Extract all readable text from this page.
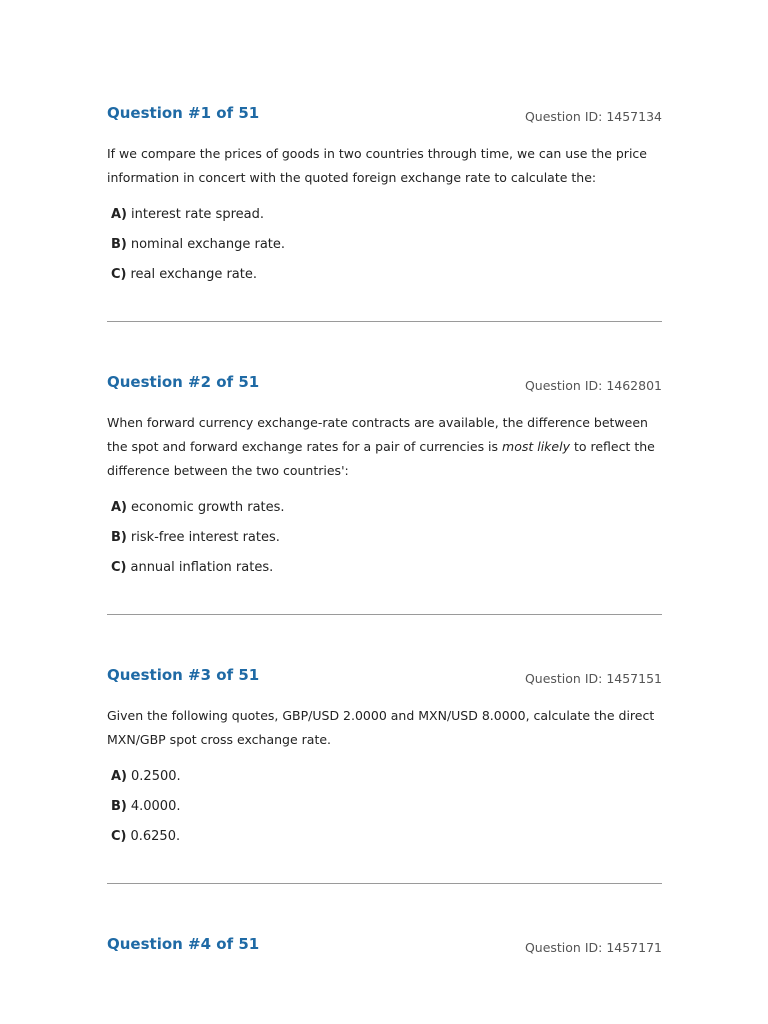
Question #1 of 51	Question ID: 1457134
If we compare the prices of goods in two countries through time, we can use the price information in concert with the quoted foreign exchange rate to calculate the:
A) interest rate spread.
B) nominal exchange rate.
C) real exchange rate.
Question #2 of 51	Question ID: 1462801
When forward currency exchange-rate contracts are available, the difference between the spot and forward exchange rates for a pair of currencies is most likely to reflect the difference between the two countries':
A) economic growth rates.
B) risk-free interest rates.
C) annual inflation rates.
Question #3 of 51	Question ID: 1457151
Given the following quotes, GBP/USD 2.0000 and MXN/USD 8.0000, calculate the direct MXN/GBP spot cross exchange rate.
A) 0.2500.
B) 4.0000.
C) 0.6250.
Question #4 of 51	Question ID: 1457171
